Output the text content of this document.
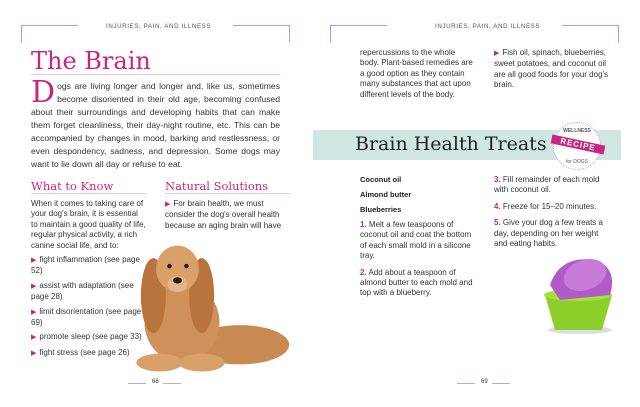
INJURIES, PAIN, AND ILLNESS	INJURIES, PAIN, AND ILLNESS
The Brain
Dogs are living longer and longer and, like us, sometimes become disoriented in their old age, becoming confused about their surroundings and developing habits that can make them forget cleanliness, their day-night routine, etc. This can be accompanied by changes in mood, barking and restlessness, or even despondency, sadness, and depression. Some dogs may want to lie down all day or refuse to eat.
What to Know
When it comes to taking care of your dog's brain, it is essential to maintain a good quality of life, regular physical activity, a rich canine social life, and to:
▶ fight inflammation (see page 52)
▶ assist with adaptation (see page 28)
▶ limit disorientation (see page 69)
▶ promote sleep (see page 33)
▶ fight stress (see page 26)
Natural Solutions
▶ For brain health, we must consider the dog's overall health because an aging brain will have
68
repercussions to the whole body. Plant-based remedies are a good option as they contain many substances that act upon different levels of the body.
▶ Fish oil, spinach, blueberries, sweet potatoes, and coconut oil are all good foods for your dog's brain.
Brain Health Treats
WELLNESS
RECIPE
for DOGS
Coconut oil
Almond butter
Blueberries
1. Melt a few teaspoons of coconut oil and coat the bottom of each small mold in a silicone tray.
2. Add about a teaspoon of almond butter to each mold and top with a blueberry.
3. Fill remainder of each mold with coconut oil.
4. Freeze for 15–20 minutes.
5. Give your dog a few treats a day, depending on her weight and eating habits.
69
